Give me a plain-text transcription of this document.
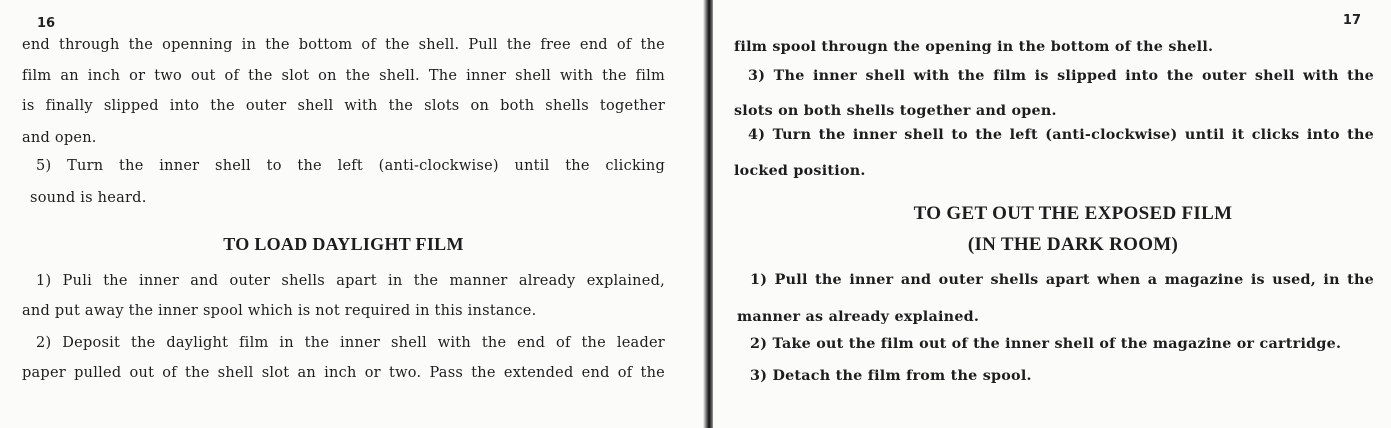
16
end through the openning in the bottom of the shell. Pull the free end of the
film an inch or two out of the slot on the shell. The inner shell with the film
is finally slipped into the outer shell with the slots on both shells together
and open.
5) Turn the inner shell to the left (anti-clockwise) until the clicking
sound is heard.
TO LOAD DAYLIGHT FILM
1) Puli the inner and outer shells apart in the manner already explained,
and put away the inner spool which is not required in this instance.
2) Deposit the daylight film in the inner shell with the end of the leader
paper pulled out of the shell slot an inch or two. Pass the extended end of the
17
film spool througn the opening in the bottom of the shell.
3) The inner shell with the film is slipped into the outer shell with the
slots on both shells together and open.
4) Turn the inner shell to the left (anti-clockwise) until it clicks into the
locked position.
TO GET OUT THE EXPOSED FILM
(IN THE DARK ROOM)
1) Pull the inner and outer shells apart when a magazine is used, in the
manner as already explained.
2) Take out the film out of the inner shell of the magazine or cartridge.
3) Detach the film from the spool.
